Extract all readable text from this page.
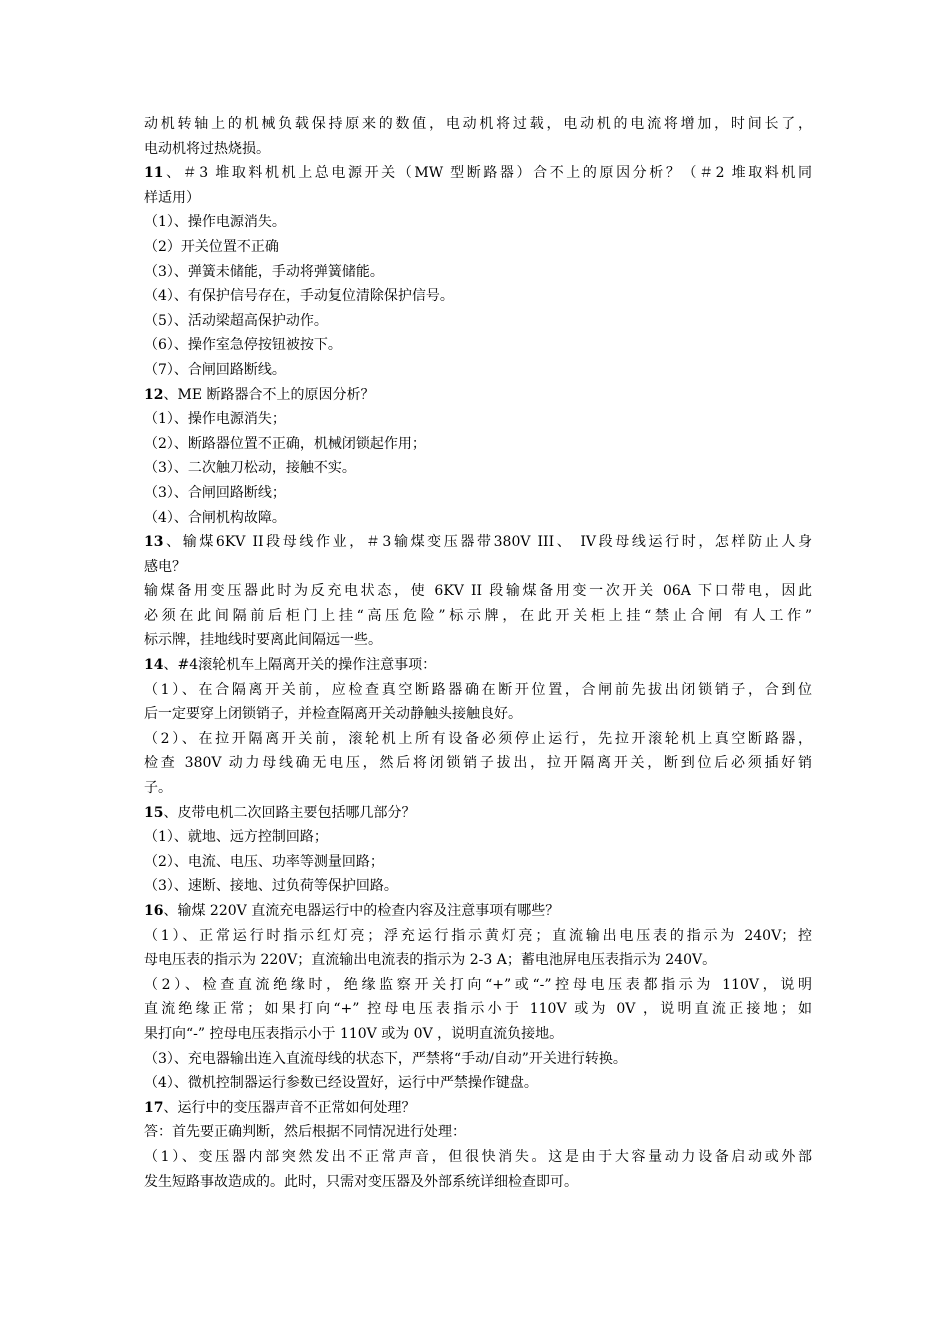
动机转轴上的机械负载保持原来的数值，电动机将过载，电动机的电流将增加，时间长了，
电动机将过热烧损。
11、＃3 堆取料机机上总电源开关（MW 型断路器）合不上的原因分析？（＃2 堆取料机同
样适用）
（1）、操作电源消失。
（2）开关位置不正确
（3）、弹簧未储能，手动将弹簧储能。
（4）、有保护信号存在，手动复位清除保护信号。
（5）、活动梁超高保护动作。
（6）、操作室急停按钮被按下。
（7）、合闸回路断线。
12、ME 断路器合不上的原因分析？
（1）、操作电源消失；
（2）、断路器位置不正确，机械闭锁起作用；
（3）、二次触刀松动，接触不实。
（3）、合闸回路断线；
（4）、合闸机构故障。
13、输煤6KV II段母线作业，＃3输煤变压器带380V III、 IV段母线运行时，怎样防止人身
感电？
输煤备用变压器此时为反充电状态，使 6KV II 段输煤备用变一次开关 06A 下口带电，因此
必须在此间隔前后柜门上挂“高压危险”标示牌，在此开关柜上挂“禁止合闸 有人工作”
标示牌，挂地线时要离此间隔远一些。
14、#4滚轮机车上隔离开关的操作注意事项：
（1）、在合隔离开关前，应检查真空断路器确在断开位置，合闸前先拔出闭锁销子，合到位
后一定要穿上闭锁销子，并检查隔离开关动静触头接触良好。
（2）、在拉开隔离开关前，滚轮机上所有设备必须停止运行，先拉开滚轮机上真空断路器，
检查 380V 动力母线确无电压，然后将闭锁销子拔出，拉开隔离开关，断到位后必须插好销
子。
15、皮带电机二次回路主要包括哪几部分？
（1）、就地、远方控制回路；
（2）、电流、电压、功率等测量回路；
（3）、速断、接地、过负荷等保护回路。
16、输煤 220V 直流充电器运行中的检查内容及注意事项有哪些？
（1）、正常运行时指示红灯亮；浮充运行指示黄灯亮；直流输出电压表的指示为 240V；控
母电压表的指示为 220V；直流输出电流表的指示为 2-3 A；蓄电池屏电压表指示为 240V。
（2）、检查直流绝缘时，绝缘监察开关打向“+”或“-”控母电压表都指示为 110V，说明
直流绝缘正常；如果打向“+” 控母电压表指示小于 110V 或为 0V ，说明直流正接地；如
果打向“-” 控母电压表指示小于 110V 或为 0V ，说明直流负接地。
（3）、充电器输出连入直流母线的状态下，严禁将“手动/自动”开关进行转换。
（4）、微机控制器运行参数已经设置好，运行中严禁操作键盘。
17、运行中的变压器声音不正常如何处理？
答：首先要正确判断，然后根据不同情况进行处理：
（1）、变压器内部突然发出不正常声音，但很快消失。这是由于大容量动力设备启动或外部
发生短路事故造成的。此时，只需对变压器及外部系统详细检查即可。
